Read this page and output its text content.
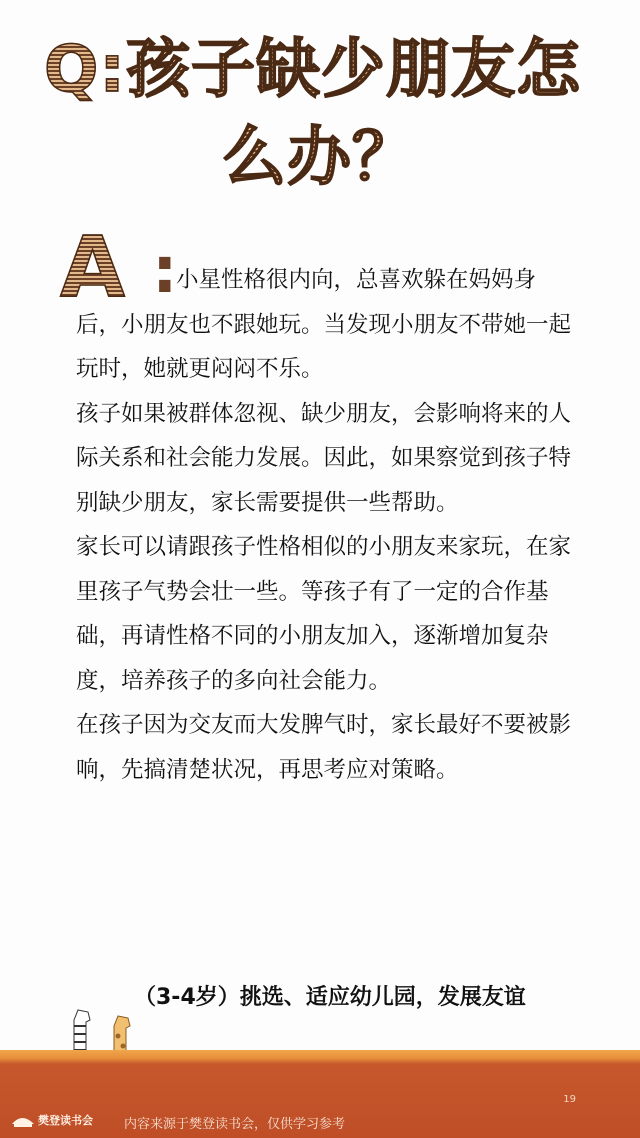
Q:孩子缺少朋友怎
么办？
A :

小星性格很内向，总喜欢躲在妈妈身后，小朋友也不跟她玩。当发现小朋友不带她一起玩时，她就更闷闷不乐。

孩子如果被群体忽视、缺少朋友，会影响将来的人际关系和社会能力发展。因此，如果察觉到孩子特别缺少朋友，家长需要提供一些帮助。

家长可以请跟孩子性格相似的小朋友来家玩，在家里孩子气势会壮一些。等孩子有了一定的合作基础，再请性格不同的小朋友加入，逐渐增加复杂度，培养孩子的多向社会能力。

在孩子因为交友而大发脾气时，家长最好不要被影响，先搞清楚状况，再思考应对策略。

（3-4岁）挑选、适应幼儿园，发展友谊
19
樊登读书会 内容来源于樊登读书会，仅供学习参考
